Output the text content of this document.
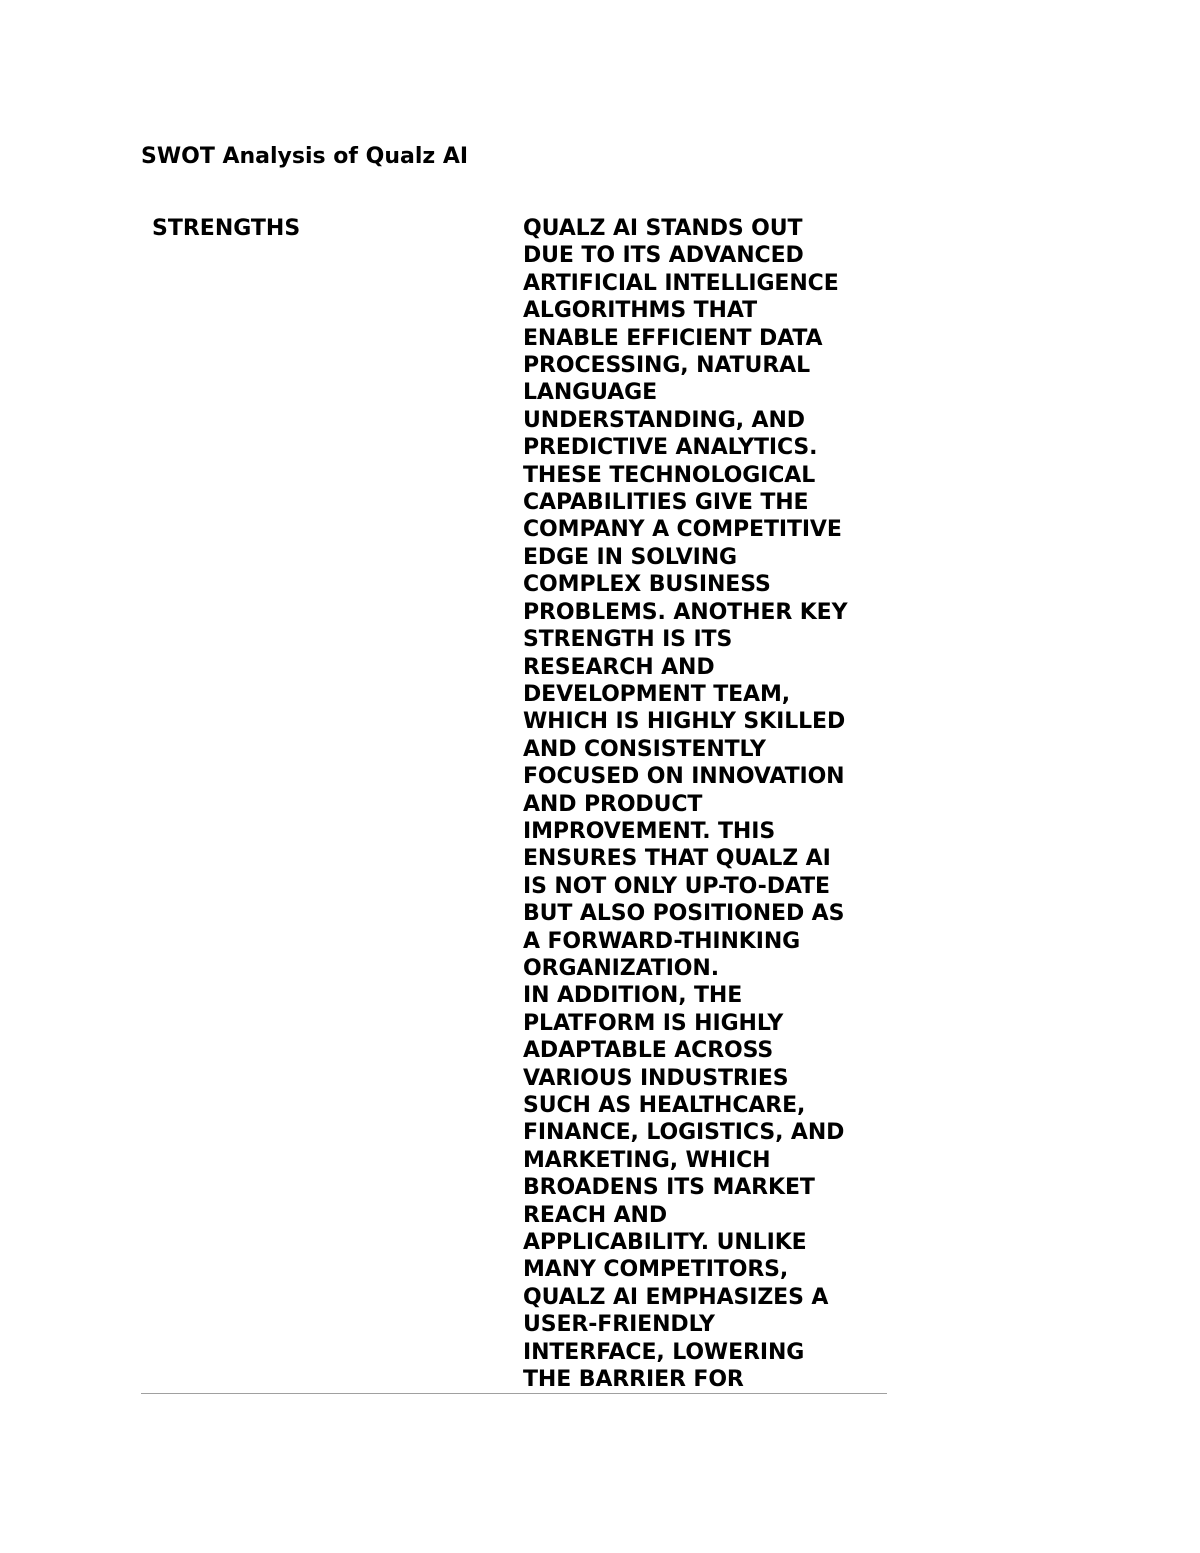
SWOT Analysis of Qualz AI
STRENGTHS	QUALZ AI STANDS OUT
DUE TO ITS ADVANCED
ARTIFICIAL INTELLIGENCE
ALGORITHMS THAT
ENABLE EFFICIENT DATA
PROCESSING, NATURAL
LANGUAGE
UNDERSTANDING, AND
PREDICTIVE ANALYTICS.
THESE TECHNOLOGICAL
CAPABILITIES GIVE THE
COMPANY A COMPETITIVE
EDGE IN SOLVING
COMPLEX BUSINESS
PROBLEMS. ANOTHER KEY
STRENGTH IS ITS
RESEARCH AND
DEVELOPMENT TEAM,
WHICH IS HIGHLY SKILLED
AND CONSISTENTLY
FOCUSED ON INNOVATION
AND PRODUCT
IMPROVEMENT. THIS
ENSURES THAT QUALZ AI
IS NOT ONLY UP-TO-DATE
BUT ALSO POSITIONED AS
A FORWARD-THINKING
ORGANIZATION.
IN ADDITION, THE
PLATFORM IS HIGHLY
ADAPTABLE ACROSS
VARIOUS INDUSTRIES
SUCH AS HEALTHCARE,
FINANCE, LOGISTICS, AND
MARKETING, WHICH
BROADENS ITS MARKET
REACH AND
APPLICABILITY. UNLIKE
MANY COMPETITORS,
QUALZ AI EMPHASIZES A
USER-FRIENDLY
INTERFACE, LOWERING
THE BARRIER FOR
